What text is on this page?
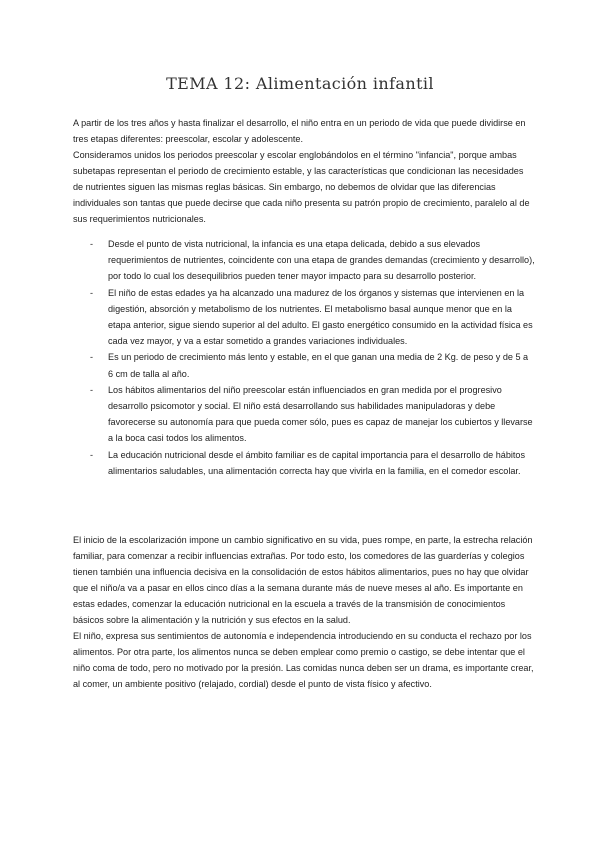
TEMA 12: Alimentación infantil
A partir de los tres años y hasta finalizar el desarrollo, el niño entra en un periodo de vida que puede dividirse en tres etapas diferentes: preescolar, escolar y adolescente.
Consideramos unidos los periodos preescolar y escolar englobándolos en el término "infancia", porque ambas subetapas representan el periodo de crecimiento estable, y las características que condicionan las necesidades de nutrientes siguen las mismas reglas básicas. Sin embargo, no debemos de olvidar que las diferencias individuales son tantas que puede decirse que cada niño presenta su patrón propio de crecimiento, paralelo al de sus requerimientos nutricionales.
- Desde el punto de vista nutricional, la infancia es una etapa delicada, debido a sus elevados requerimientos de nutrientes, coincidente con una etapa de grandes demandas (crecimiento y desarrollo), por todo lo cual los desequilibrios pueden tener mayor impacto para su desarrollo posterior.
- El niño de estas edades ya ha alcanzado una madurez de los órganos y sistemas que intervienen en la digestión, absorción y metabolismo de los nutrientes. El metabolismo basal aunque menor que en la etapa anterior, sigue siendo superior al del adulto. El gasto energético consumido en la actividad física es cada vez mayor, y va a estar sometido a grandes variaciones individuales.
- Es un periodo de crecimiento más lento y estable, en el que ganan una media de 2 Kg. de peso y de 5 a 6 cm de talla al año.
- Los hábitos alimentarios del niño preescolar están influenciados en gran medida por el progresivo desarrollo psicomotor y social. El niño está desarrollando sus habilidades manipuladoras y debe favorecerse su autonomía para que pueda comer sólo, pues es capaz de manejar los cubiertos y llevarse a la boca casi todos los alimentos.
- La educación nutricional desde el ámbito familiar es de capital importancia para el desarrollo de hábitos alimentarios saludables, una alimentación correcta hay que vivirla en la familia, en el comedor escolar.
El inicio de la escolarización impone un cambio significativo en su vida, pues rompe, en parte, la estrecha relación familiar, para comenzar a recibir influencias extrañas. Por todo esto, los comedores de las guarderías y colegios tienen también una influencia decisiva en la consolidación de estos hábitos alimentarios, pues no hay que olvidar que el niño/a va a pasar en ellos cinco días a la semana durante más de nueve meses al año. Es importante en estas edades, comenzar la educación nutricional en la escuela a través de la transmisión de conocimientos básicos sobre la alimentación y la nutrición y sus efectos en la salud.
El niño, expresa sus sentimientos de autonomía e independencia introduciendo en su conducta el rechazo por los alimentos. Por otra parte, los alimentos nunca se deben emplear como premio o castigo, se debe intentar que el niño coma de todo, pero no motivado por la presión. Las comidas nunca deben ser un drama, es importante crear, al comer, un ambiente positivo (relajado, cordial) desde el punto de vista físico y afectivo.
